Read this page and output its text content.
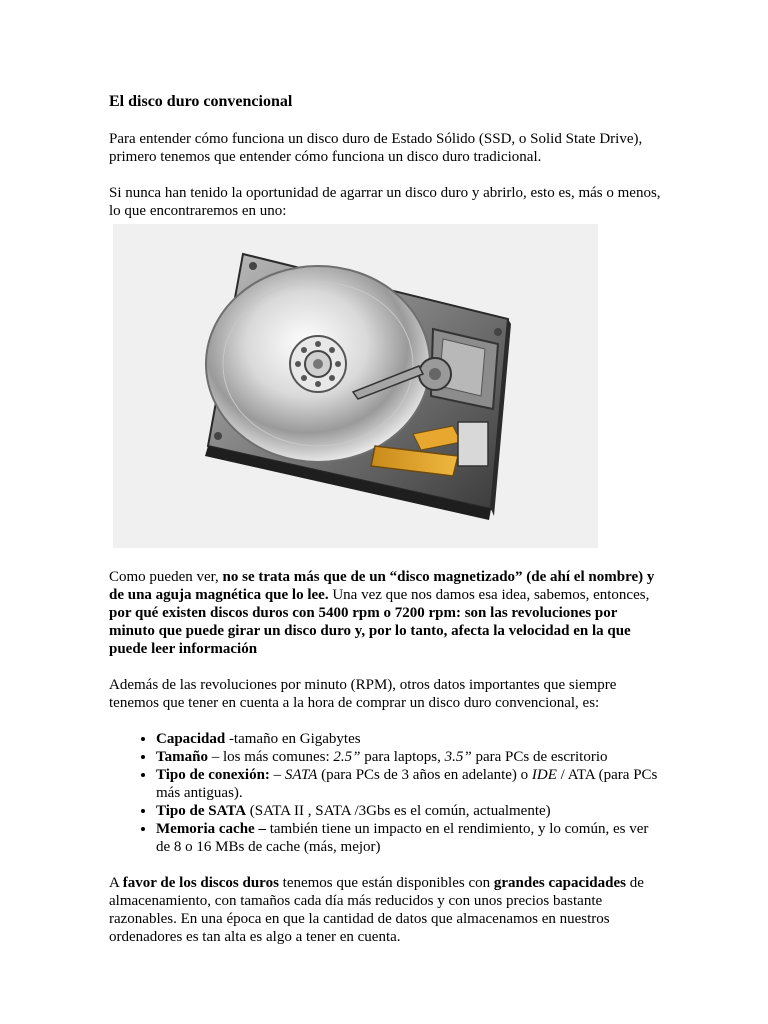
El disco duro convencional

Para entender cómo funciona un disco duro de Estado Sólido (SSD, o Solid State Drive), primero tenemos que entender cómo funciona un disco duro tradicional.

Si nunca han tenido la oportunidad de agarrar un disco duro y abrirlo, esto es, más o menos, lo que encontraremos en uno:

Como pueden ver, no se trata más que de un “disco magnetizado” (de ahí el nombre) y de una aguja magnética que lo lee. Una vez que nos damos esa idea, sabemos, entonces, por qué existen discos duros con 5400 rpm o 7200 rpm: son las revoluciones por minuto que puede girar un disco duro y, por lo tanto, afecta la velocidad en la que puede leer información

Además de las revoluciones por minuto (RPM), otros datos importantes que siempre tenemos que tener en cuenta a la hora de comprar un disco duro convencional, es:

• Capacidad -tamaño en Gigabytes
• Tamaño – los más comunes: 2.5” para laptops, 3.5” para PCs de escritorio
• Tipo de conexión: – SATA (para PCs de 3 años en adelante) o IDE / ATA (para PCs más antiguas).
• Tipo de SATA (SATA II , SATA /3Gbs es el común, actualmente)
• Memoria cache – también tiene un impacto en el rendimiento, y lo común, es ver de 8 o 16 MBs de cache (más, mejor)

A favor de los discos duros tenemos que están disponibles con grandes capacidades de almacenamiento, con tamaños cada día más reducidos y con unos precios bastante razonables. En una época en que la cantidad de datos que almacenamos en nuestros ordenadores es tan alta es algo a tener en cuenta.
